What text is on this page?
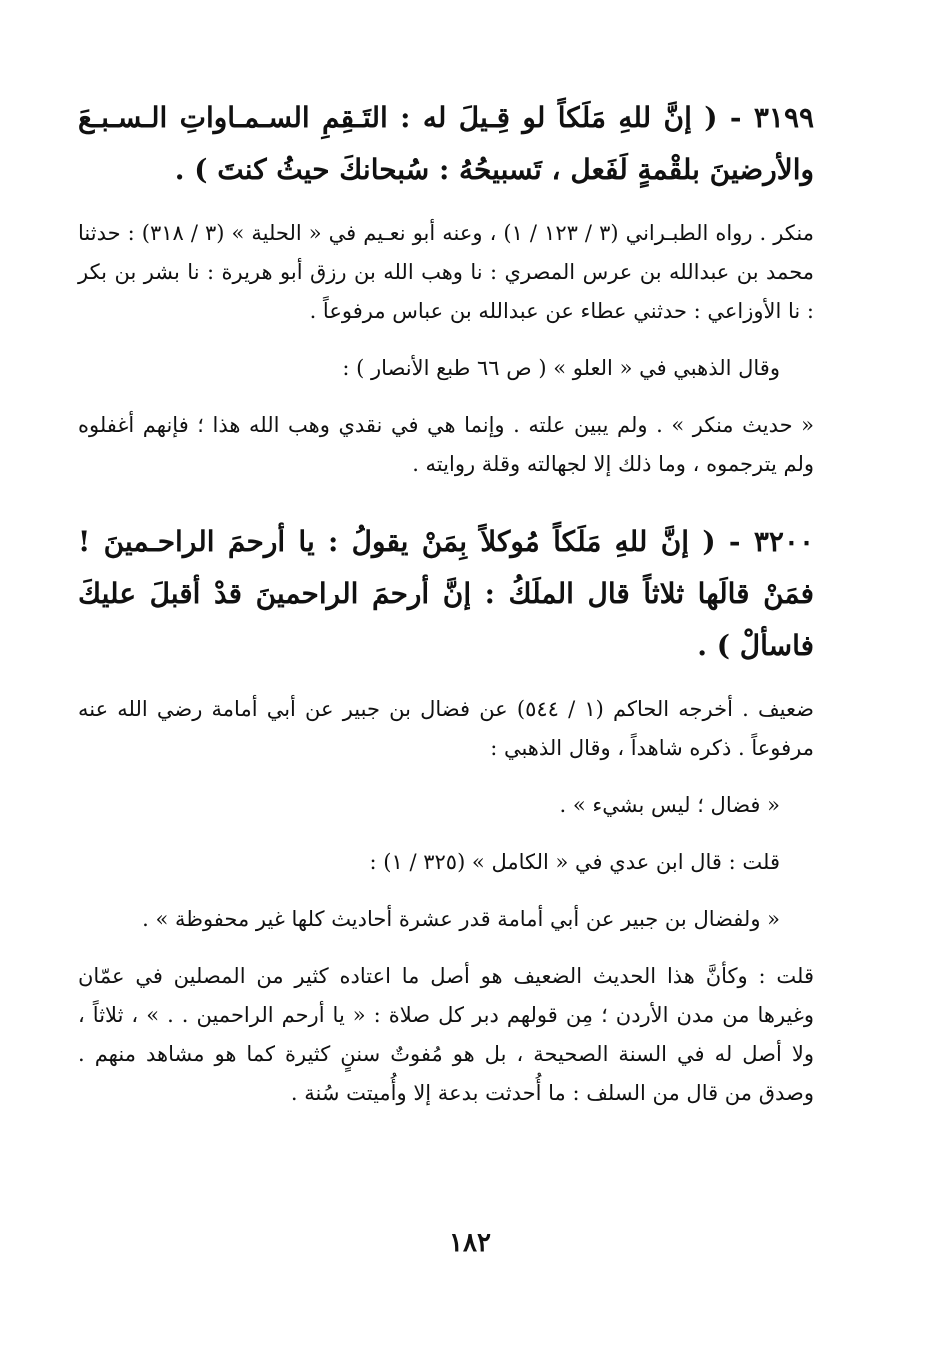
٣١٩٩ - ( إنَّ للهِ مَلَكاً لو قِـيلَ له : التَـقِمِ السـمـاواتِ الـسـبـعَ والأرضينَ بلقْمةٍ لَفَعل ، تَسبيحُهُ : سُبحانكَ حيثُ كنتَ ) .

منكر . رواه الطبـراني (٣ / ١٢٣ / ١) ، وعنه أبو نعـيم في « الحلية » (٣ / ٣١٨) : حدثنا محمد بن عبدالله بن عرس المصري : نا وهب الله بن رزق أبو هريرة : نا بشر بن بكر : نا الأوزاعي : حدثني عطاء عن عبدالله بن عباس مرفوعاً .

وقال الذهبي في « العلو » ( ص ٦٦ طبع الأنصار ) :

« حديث منكر » . ولم يبين علته . وإنما هي في نقدي وهب الله هذا ؛ فإنهم أغفلوه ولم يترجموه ، وما ذلك إلا لجهالته وقلة روايته .

٣٢٠٠ - ( إنَّ للهِ مَلَكاً مُوكلاً بِمَنْ يقولُ : يا أرحمَ الراحـمينَ ! فمَنْ قالَها ثلاثاً قال الملَكُ : إنَّ أرحمَ الراحمينَ قدْ أقبلَ عليكَ فاسألْ ) .

ضعيف . أخرجه الحاكم (١ / ٥٤٤) عن فضال بن جبير عن أبي أمامة رضي الله عنه مرفوعاً . ذكره شاهداً ، وقال الذهبي :

« فضال ؛ ليس بشيء » .

قلت : قال ابن عدي في « الكامل » (٣٢٥ / ١) :

« ولفضال بن جبير عن أبي أمامة قدر عشرة أحاديث كلها غير محفوظة » .

قلت : وكأنَّ هذا الحديث الضعيف هو أصل ما اعتاده كثير من المصلين في عمّان وغيرها من مدن الأردن ؛ مِن قولهم دبر كل صلاة : « يا أرحم الراحمين . . » ، ثلاثاً ، ولا أصل له في السنة الصحيحة ، بل هو مُفوتٌ سننٍ كثيرة كما هو مشاهد منهم . وصدق من قال من السلف : ما أُحدثت بدعة إلا وأُميتت سُنة .

١٨٢
